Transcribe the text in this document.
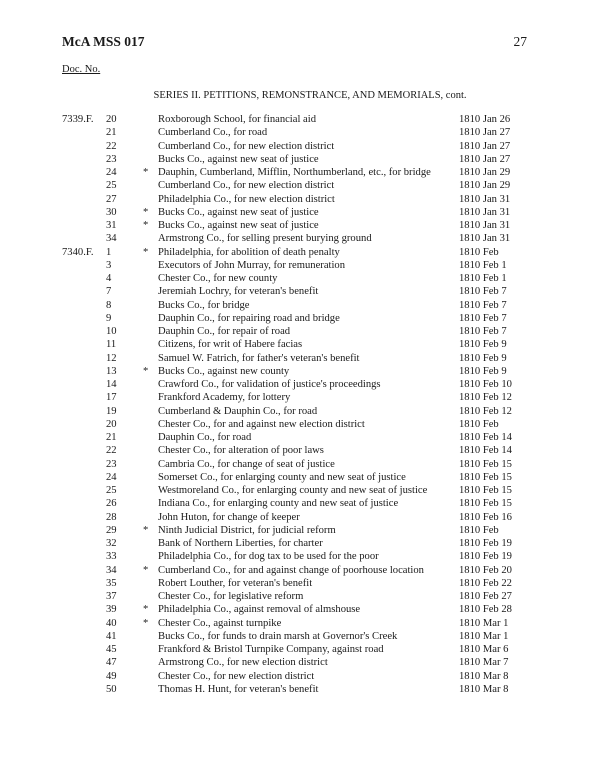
McA MSS 017	27
Doc. No.
SERIES II. PETITIONS, REMONSTRANCE, AND MEMORIALS, cont.
7339.F. 20	Roxborough School, for financial aid	1810 Jan 26
21	Cumberland Co., for road	1810 Jan 27
22	Cumberland Co., for new election district	1810 Jan 27
23	Bucks Co., against new seat of justice	1810 Jan 27
24 * Dauphin, Cumberland, Mifflin, Northumberland, etc., for bridge	1810 Jan 29
25	Cumberland Co., for new election district	1810 Jan 29
27	Philadelphia Co., for new election district	1810 Jan 31
30 * Bucks Co., against new seat of justice	1810 Jan 31
31 * Bucks Co., against new seat of justice	1810 Jan 31
34	Armstrong Co., for selling present burying ground	1810 Jan 31
7340.F. 1	* Philadelphia, for abolition of death penalty	1810 Feb
3	Executors of John Murray, for remuneration	1810 Feb 1
4	Chester Co., for new county	1810 Feb 1
7	Jeremiah Lochry, for veteran's benefit	1810 Feb 7
8	Bucks Co., for bridge	1810 Feb 7
9	Dauphin Co., for repairing road and bridge	1810 Feb 7
10	Dauphin Co., for repair of road	1810 Feb 7
11	Citizens, for writ of Habere facias	1810 Feb 9
12	Samuel W. Fatrich, for father's veteran's benefit	1810 Feb 9
13 * Bucks Co., against new county	1810 Feb 9
14	Crawford Co., for validation of justice's proceedings	1810 Feb 10
17	Frankford Academy, for lottery	1810 Feb 12
19	Cumberland & Dauphin Co., for road	1810 Feb 12
20	Chester Co., for and against new election district	1810 Feb
21	Dauphin Co., for road	1810 Feb 14
22	Chester Co., for alteration of poor laws	1810 Feb 14
23	Cambria Co., for change of seat of justice	1810 Feb 15
24	Somerset Co., for enlarging county and new seat of justice	1810 Feb 15
25	Westmoreland Co., for enlarging county and new seat of justice	1810 Feb 15
26	Indiana Co., for enlarging county and new seat of justice	1810 Feb 15
28	John Huton, for change of keeper	1810 Feb 16
29 * Ninth Judicial District, for judicial reform	1810 Feb
32	Bank of Northern Liberties, for charter	1810 Feb 19
33	Philadelphia Co., for dog tax to be used for the poor	1810 Feb 19
34 * Cumberland Co., for and against change of poorhouse location	1810 Feb 20
35	Robert Louther, for veteran's benefit	1810 Feb 22
37	Chester Co., for legislative reform	1810 Feb 27
39 * Philadelphia Co., against removal of almshouse	1810 Feb 28
40 * Chester Co., against turnpike	1810 Mar 1
41	Bucks Co., for funds to drain marsh at Governor's Creek	1810 Mar 1
45	Frankford & Bristol Turnpike Company, against road	1810 Mar 6
47	Armstrong Co., for new election district	1810 Mar 7
49	Chester Co., for new election district	1810 Mar 8
50	Thomas H. Hunt, for veteran's benefit	1810 Mar 8
